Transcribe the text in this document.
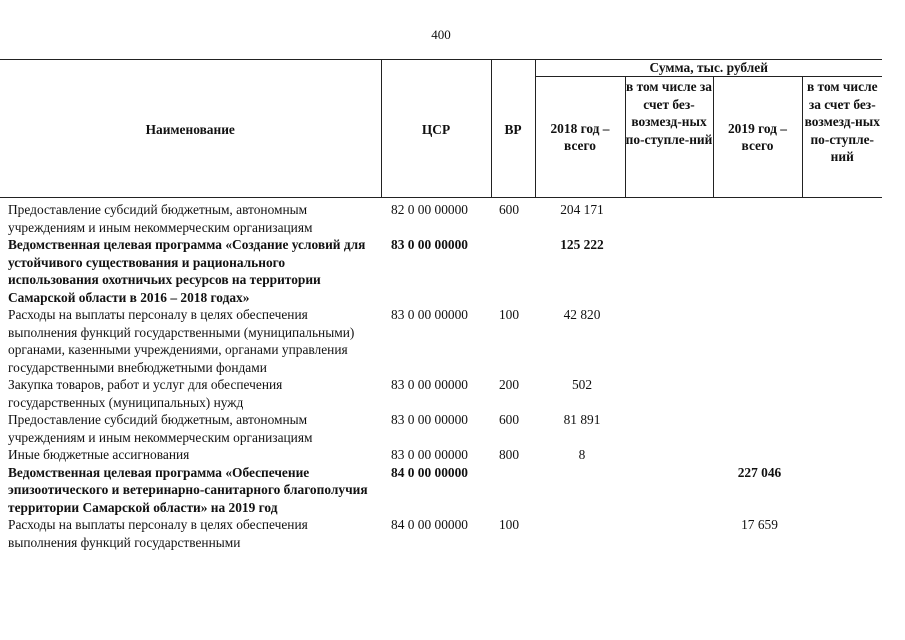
400
Наименование	ЦСР	ВР	Сумма, тыс. рублей			
			2018 год – всего	в том числе за счет без-возмезд-ных по-ступле-ний	2019 год – всего	в том числе за счет без-возмезд-ных по-ступле-ний

Предоставление субсидий бюджетным, автономным учреждениям и иным некоммерческим организациям	82 0 00 00000	600	204 171			
Ведомственная целевая программа «Создание условий для устойчивого существования и рационального использования охотничьих ресурсов на территории Самарской области в 2016 – 2018 годах»	83 0 00 00000		125 222			
Расходы на выплаты персоналу в целях обеспечения выполнения функций государственными (муниципальными) органами, казенными учреждениями, органами управления государственными внебюджетными фондами	83 0 00 00000	100	42 820			
Закупка товаров, работ и услуг для обеспечения государственных (муниципальных) нужд	83 0 00 00000	200	502			
Предоставление субсидий бюджетным, автономным учреждениям и иным некоммерческим организациям	83 0 00 00000	600	81 891			
Иные бюджетные ассигнования	83 0 00 00000	800	8			
Ведомственная целевая программа «Обеспечение эпизоотического и ветеринарно-санитарного благополучия территории Самарской области» на 2019 год	84 0 00 00000				227 046	
Расходы на выплаты персоналу в целях обеспечения выполнения функций государственными	84 0 00 00000	100			17 659	
